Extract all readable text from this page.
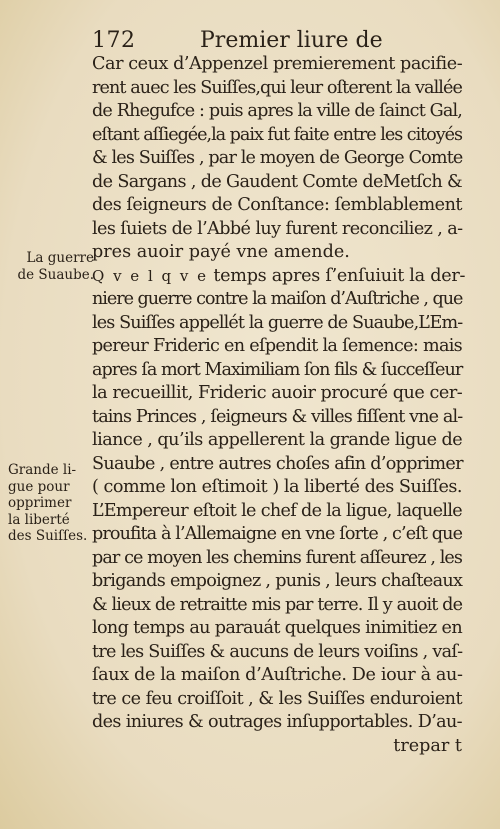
172	Premier liure de
La guerre
de Suaube.
Grande li-
gue pour
opprimer
la liberté
des Suiſſes.
Car ceux d’Appenzel premierement pacifie-
rent auec les Suiſſes,qui leur oſterent la vallée
de Rhegufce : puis apres la ville de ſainct Gal,
eſtant aſſiegée,la paix fut faite entre les citoyés
& les Suiſſes , par le moyen de George Comte
de Sargans , de Gaudent Comte deMetſch &
des ſeigneurs de Conſtance: ſemblablement
les ſuiets de l’Abbé luy furent reconciliez , a-
pres auoir payé vne amende.
Q v e l q v e temps apres ſ’enſuiuit la der-
niere guerre contre la maiſon d’Auſtriche , que
les Suiſſes appellét la guerre de Suaube,L’Em-
pereur Frideric en eſpendit la ſemence: mais
apres ſa mort Maximiliam ſon fils & ſucceſſeur
la recueillit, Frideric auoir procuré que cer-
tains Princes , ſeigneurs & villes fiſſent vne al-
liance , qu’ils appellerent la grande ligue de
Suaube , entre autres choſes afin d’opprimer
( comme lon eſtimoit ) la liberté des Suiſſes.
L’Empereur eſtoit le chef de la ligue, laquelle
proufita à l’Allemaigne en vne ſorte , c’eſt que
par ce moyen les chemins furent aſſeurez , les
brigands empoignez , punis , leurs chaſteaux
& lieux de retraitte mis par terre. Il y auoit de
long temps au parauát quelques inimitiez en
tre les Suiſſes & aucuns de leurs voiſins , vaſ-
ſaux de la maiſon d’Auſtriche. De iour à au-
tre ce feu croiſſoit , & les Suiſſes enduroient
des iniures & outrages inſupportables. D’au-
trepar t
